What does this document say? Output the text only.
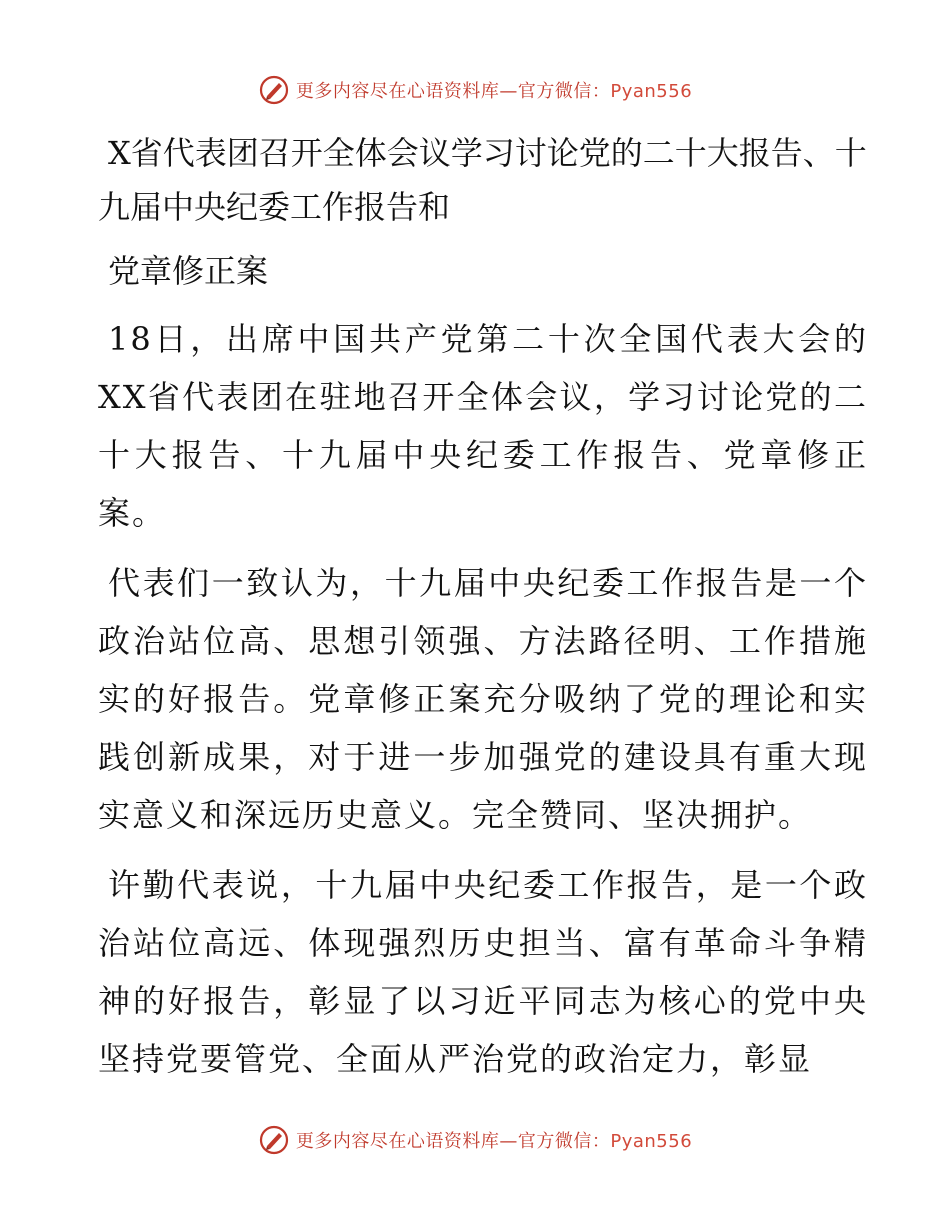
更多内容尽在心语资料库—官方微信：Pyan556
X省代表团召开全体会议学习讨论党的二十大报告、十九届中央纪委工作报告和
党章修正案

18日，出席中国共产党第二十次全国代表大会的XX省代表团在驻地召开全体会议，学习讨论党的二十大报告、十九届中央纪委工作报告、党章修正案。

代表们一致认为，十九届中央纪委工作报告是一个政治站位高、思想引领强、方法路径明、工作措施实的好报告。党章修正案充分吸纳了党的理论和实践创新成果，对于进一步加强党的建设具有重大现实意义和深远历史意义。完全赞同、坚决拥护。

许勤代表说，十九届中央纪委工作报告，是一个政治站位高远、体现强烈历史担当、富有革命斗争精神的好报告，彰显了以习近平同志为核心的党中央坚持党要管党、全面从严治党的政治定力，彰显

更多内容尽在心语资料库—官方微信：Pyan556
